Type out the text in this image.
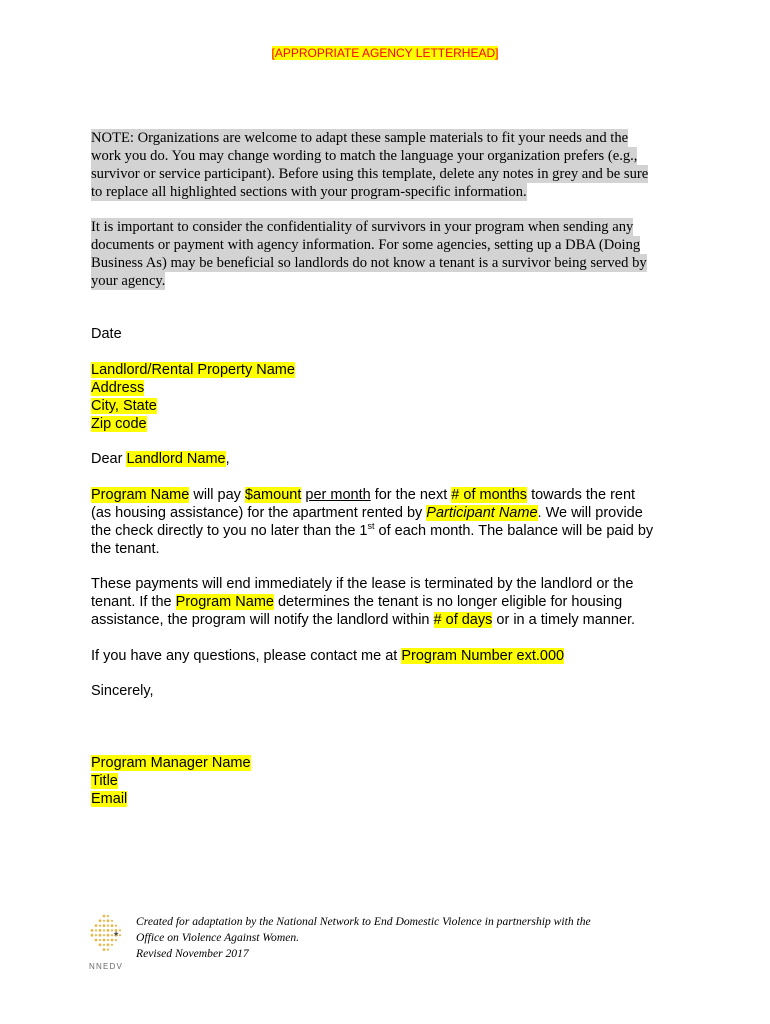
[APPROPRIATE AGENCY LETTERHEAD]
NOTE: Organizations are welcome to adapt these sample materials to fit your needs and the
work you do. You may change wording to match the language your organization prefers (e.g.,
survivor or service participant). Before using this template, delete any notes in grey and be sure
to replace all highlighted sections with your program-specific information.
It is important to consider the confidentiality of survivors in your program when sending any
documents or payment with agency information. For some agencies, setting up a DBA (Doing
Business As) may be beneficial so landlords do not know a tenant is a survivor being served by
your agency.
Date
Landlord/Rental Property Name
Address
City, State
Zip code
Dear Landlord Name,
Program Name will pay $amount per month for the next # of months towards the rent
(as housing assistance) for the apartment rented by Participant Name. We will provide
the check directly to you no later than the 1st of each month. The balance will be paid by
the tenant.
These payments will end immediately if the lease is terminated by the landlord or the
tenant. If the Program Name determines the tenant is no longer eligible for housing
assistance, the program will notify the landlord within # of days or in a timely manner.
If you have any questions, please contact me at Program Number ext.000
Sincerely,
Program Manager Name
Title
Email
★
NNEDV
Created for adaptation by the National Network to End Domestic Violence in partnership with the
Office on Violence Against Women.
Revised November 2017
